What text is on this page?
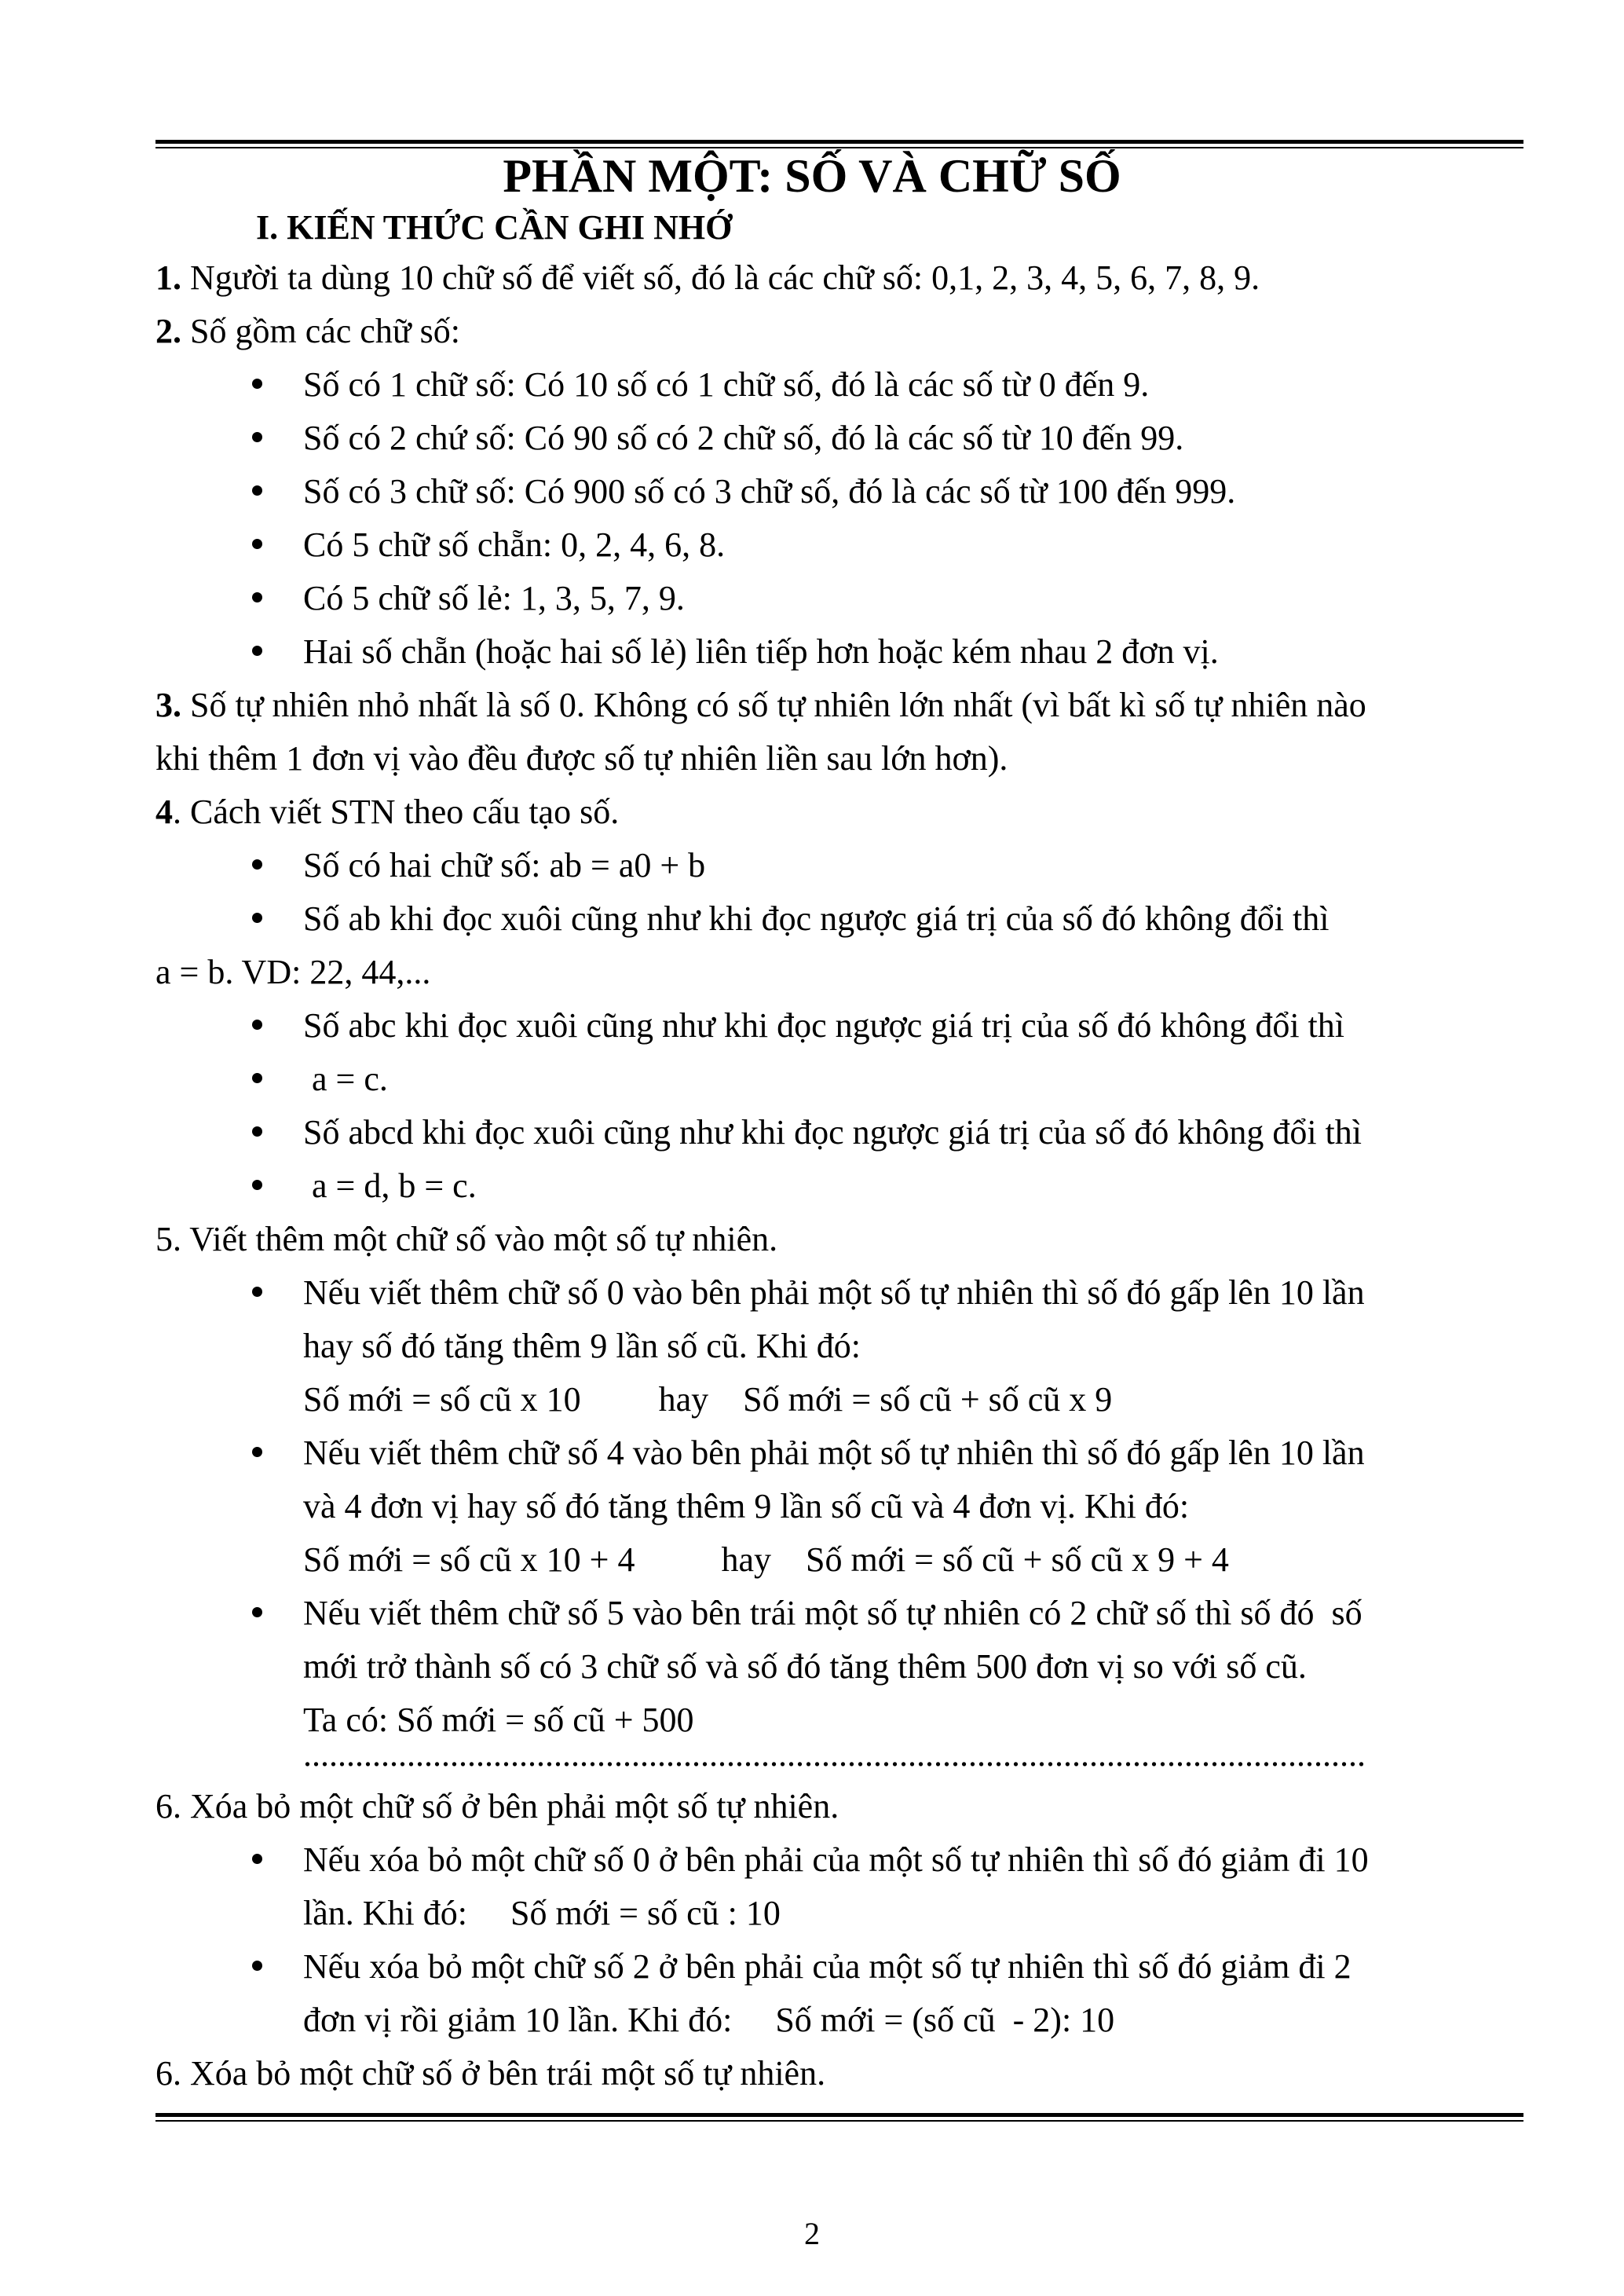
PHẦN MỘT: SỐ VÀ CHỮ SỐ
I. KIẾN THỨC CẦN GHI NHỚ
1. Người ta dùng 10 chữ số để viết số, đó là các chữ số: 0,1, 2, 3, 4, 5, 6, 7, 8, 9.
2. Số gồm các chữ số:
Số có 1 chữ số: Có 10 số có 1 chữ số, đó là các số từ 0 đến 9.
Số có 2 chứ số: Có 90 số có 2 chữ số, đó là các số từ 10 đến 99.
Số có 3 chữ số: Có 900 số có 3 chữ số, đó là các số từ 100 đến 999.
Có 5 chữ số chẵn: 0, 2, 4, 6, 8.
Có 5 chữ số lẻ: 1, 3, 5, 7, 9.
Hai số chẵn (hoặc hai số lẻ) liên tiếp hơn hoặc kém nhau 2 đơn vị.
3. Số tự nhiên nhỏ nhất là số 0. Không có số tự nhiên lớn nhất (vì bất kì số tự nhiên nào
khi thêm 1 đơn vị vào đều được số tự nhiên liền sau lớn hơn).
4. Cách viết STN theo cấu tạo số.
Số có hai chữ số: ab = a0 + b
Số ab khi đọc xuôi cũng như khi đọc ngược giá trị của số đó không đổi thì
a = b. VD: 22, 44,...
Số abc khi đọc xuôi cũng như khi đọc ngược giá trị của số đó không đổi thì
a = c.
Số abcd khi đọc xuôi cũng như khi đọc ngược giá trị của số đó không đổi thì
a = d, b = c.
5. Viết thêm một chữ số vào một số tự nhiên.
Nếu viết thêm chữ số 0 vào bên phải một số tự nhiên thì số đó gấp lên 10 lần
hay số đó tăng thêm 9 lần số cũ. Khi đó:
Số mới = số cũ x 10         hay    Số mới = số cũ + số cũ x 9
Nếu viết thêm chữ số 4 vào bên phải một số tự nhiên thì số đó gấp lên 10 lần
và 4 đơn vị hay số đó tăng thêm 9 lần số cũ và 4 đơn vị. Khi đó:
Số mới = số cũ x 10 + 4          hay    Số mới = số cũ + số cũ x 9 + 4
Nếu viết thêm chữ số 5 vào bên trái một số tự nhiên có 2 chữ số thì số đó  số
mới trở thành số có 3 chữ số và số đó tăng thêm 500 đơn vị so với số cũ.
Ta có: Số mới = số cũ + 500
...........................................................................................................................
6. Xóa bỏ một chữ số ở bên phải một số tự nhiên.
Nếu xóa bỏ một chữ số 0 ở bên phải của một số tự nhiên thì số đó giảm đi 10
lần. Khi đó:     Số mới = số cũ : 10
Nếu xóa bỏ một chữ số 2 ở bên phải của một số tự nhiên thì số đó giảm đi 2
đơn vị rồi giảm 10 lần. Khi đó:     Số mới = (số cũ  - 2): 10
6. Xóa bỏ một chữ số ở bên trái một số tự nhiên.
2
